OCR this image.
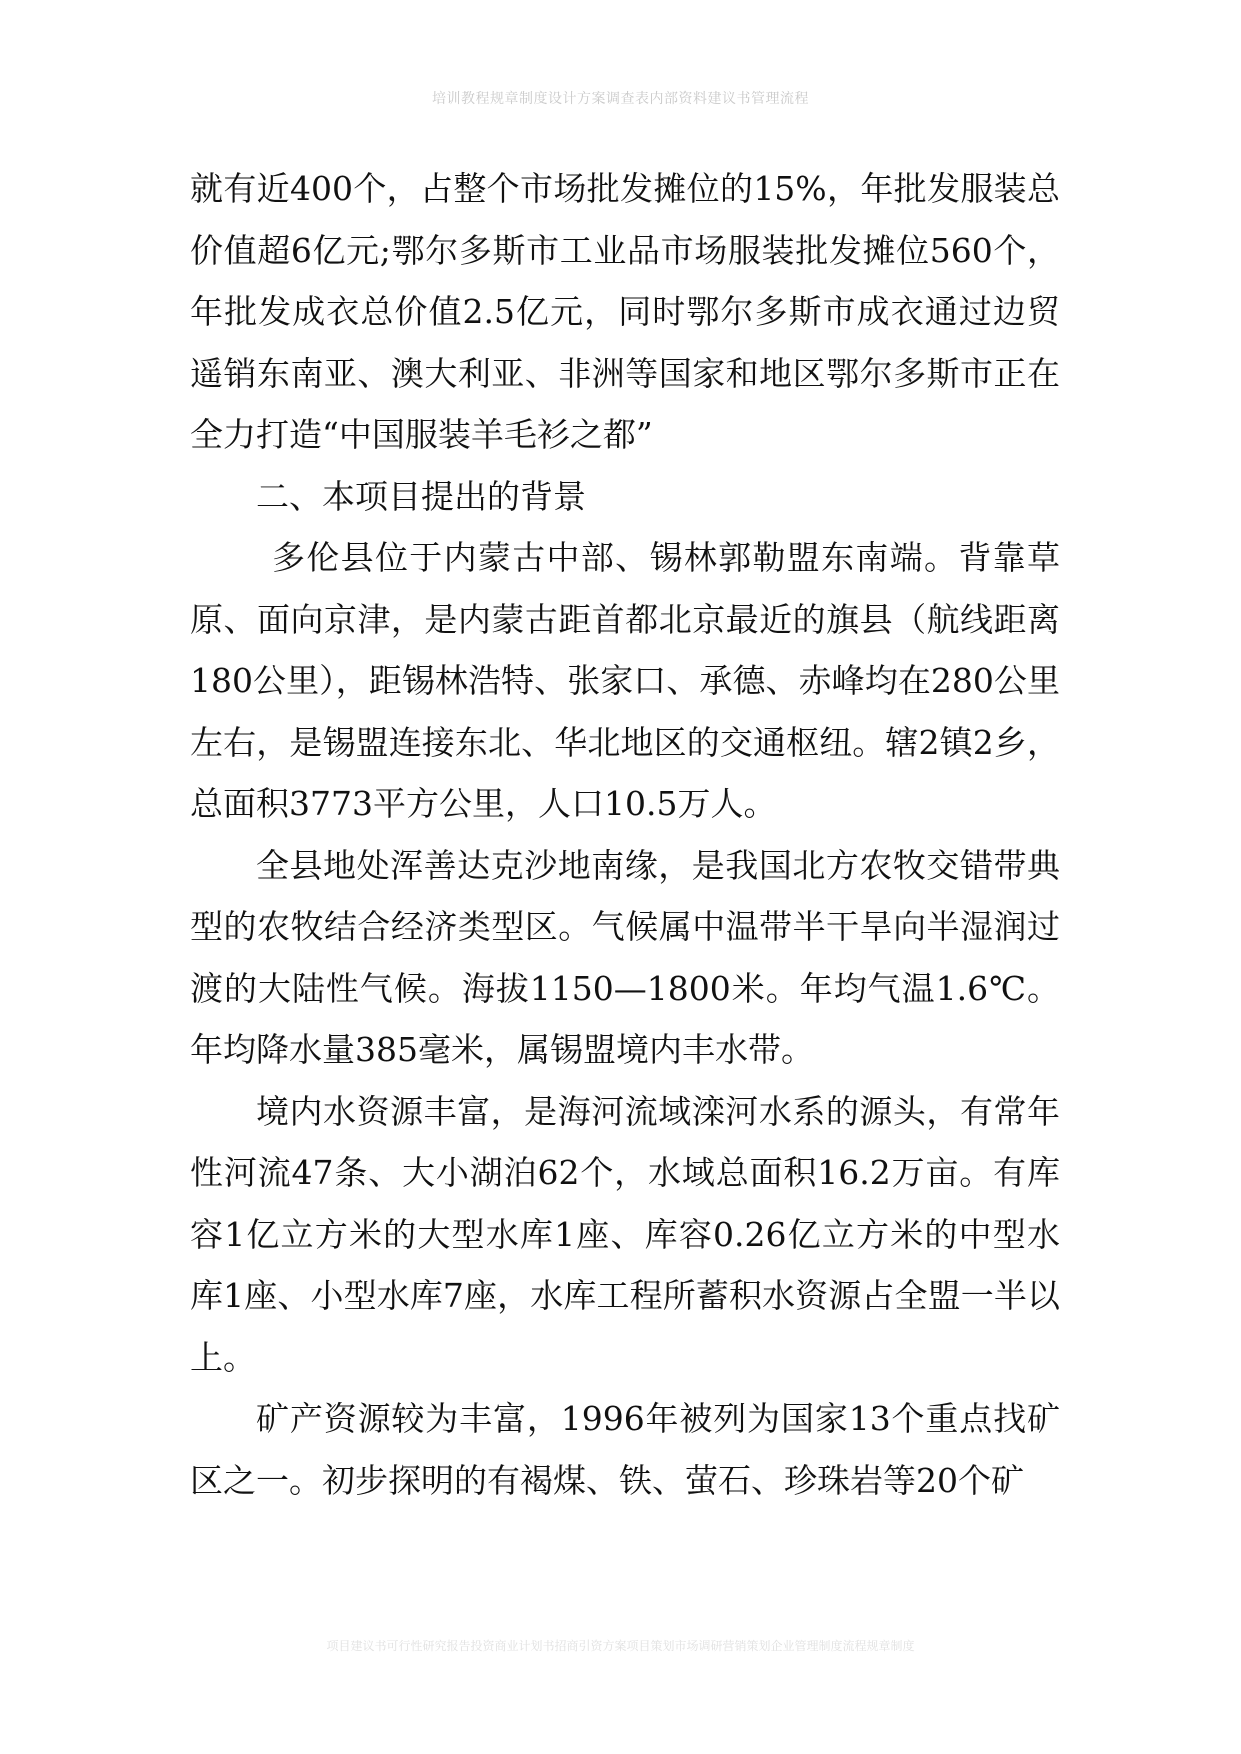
培训教程规章制度设计方案调查表内部资料建议书管理流程

就有近400个，占整个市场批发摊位的15%，年批发服装总价值超6亿元;鄂尔多斯市工业品市场服装批发摊位560个，年批发成衣总价值2.5亿元，同时鄂尔多斯市成衣通过边贸遥销东南亚、澳大利亚、非洲等国家和地区鄂尔多斯市正在全力打造“中国服装羊毛衫之都”

二、本项目提出的背景

多伦县位于内蒙古中部、锡林郭勒盟东南端。背靠草原、面向京津，是内蒙古距首都北京最近的旗县（航线距离180公里），距锡林浩特、张家口、承德、赤峰均在280公里左右，是锡盟连接东北、华北地区的交通枢纽。辖2镇2乡，总面积3773平方公里，人口10.5万人。

全县地处浑善达克沙地南缘，是我国北方农牧交错带典型的农牧结合经济类型区。气候属中温带半干旱向半湿润过渡的大陆性气候。海拔1150—1800米。年均气温1.6℃。年均降水量385毫米，属锡盟境内丰水带。

境内水资源丰富，是海河流域滦河水系的源头，有常年性河流47条、大小湖泊62个，水域总面积16.2万亩。有库容1亿立方米的大型水库1座、库容0.26亿立方米的中型水库1座、小型水库7座，水库工程所蓄积水资源占全盟一半以上。

矿产资源较为丰富，1996年被列为国家13个重点找矿区之一。初步探明的有褐煤、铁、萤石、珍珠岩等20个矿

项目建议书可行性研究报告投资商业计划书招商引资方案项目策划市场调研营销策划企业管理制度流程规章制度
